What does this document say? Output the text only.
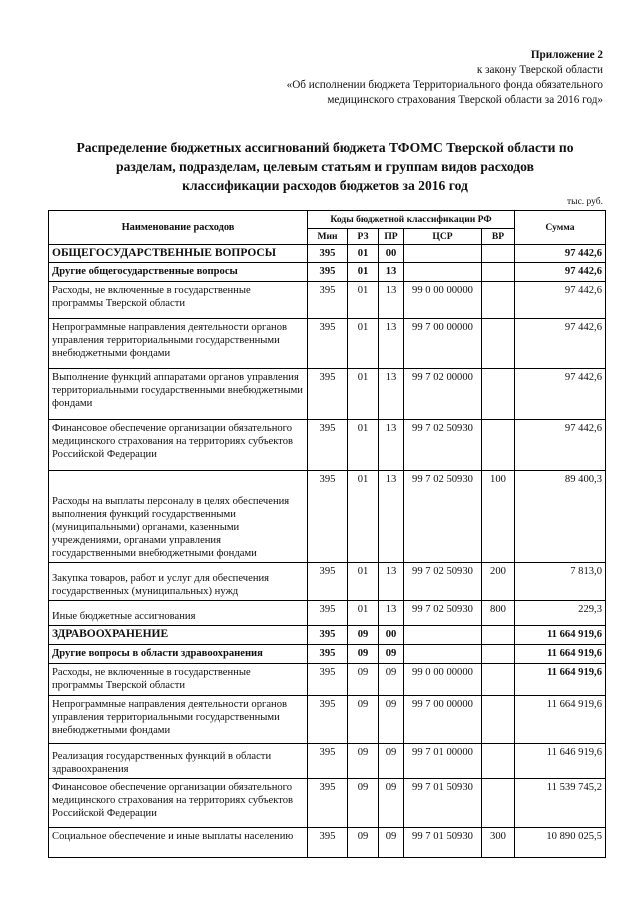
Приложение 2
к закону Тверской области
«Об исполнении бюджета Территориального фонда обязательного
медицинского страхования Тверской области за 2016 год»
Распределение бюджетных ассигнований бюджета ТФОМС Тверской области по
разделам, подразделам, целевым статьям и группам видов расходов
классификации расходов бюджетов за 2016 год
тыс. руб.
Наименование расходов	Коды бюджетной классификации РФ					Сумма
	Мин	РЗ	ПР	ЦСР	ВР	
ОБЩЕГОСУДАРСТВЕННЫЕ ВОПРОСЫ	395	01	00			97 442,6
Другие общегосударственные вопросы	395	01	13			97 442,6
Расходы, не включенные в государственные программы Тверской области	395	01	13	99 0 00 00000		97 442,6
Непрограммные направления деятельности органов управления территориальными государственными внебюджетными фондами	395	01	13	99 7 00 00000		97 442,6
Выполнение функций аппаратами органов управления территориальными государственными внебюджетными фондами	395	01	13	99 7 02 00000		97 442,6
Финансовое обеспечение организации обязательного медицинского страхования на территориях субъектов Российской Федерации	395	01	13	99 7 02 50930		97 442,6
Расходы на выплаты персоналу в целях обеспечения выполнения функций государственными (муниципальными) органами, казенными учреждениями, органами управления государственными внебюджетными фондами	395	01	13	99 7 02 50930	100	89 400,3
Закупка товаров, работ и услуг для обеспечения государственных (муниципальных) нужд	395	01	13	99 7 02 50930	200	7 813,0
Иные бюджетные ассигнования	395	01	13	99 7 02 50930	800	229,3
ЗДРАВООХРАНЕНИЕ	395	09	00			11 664 919,6
Другие вопросы в области здравоохранения	395	09	09			11 664 919,6
Расходы, не включенные в государственные программы Тверской области	395	09	09	99 0 00 00000		11 664 919,6
Непрограммные направления деятельности органов управления территориальными государственными внебюджетными фондами	395	09	09	99 7 00 00000		11 664 919,6
Реализация государственных функций в области здравоохранения	395	09	09	99 7 01 00000		11 646 919,6
Финансовое обеспечение организации обязательного медицинского страхования на территориях субъектов Российской Федерации	395	09	09	99 7 01 50930		11 539 745,2
Социальное обеспечение и иные выплаты населению	395	09	09	99 7 01 50930	300	10 890 025,5
